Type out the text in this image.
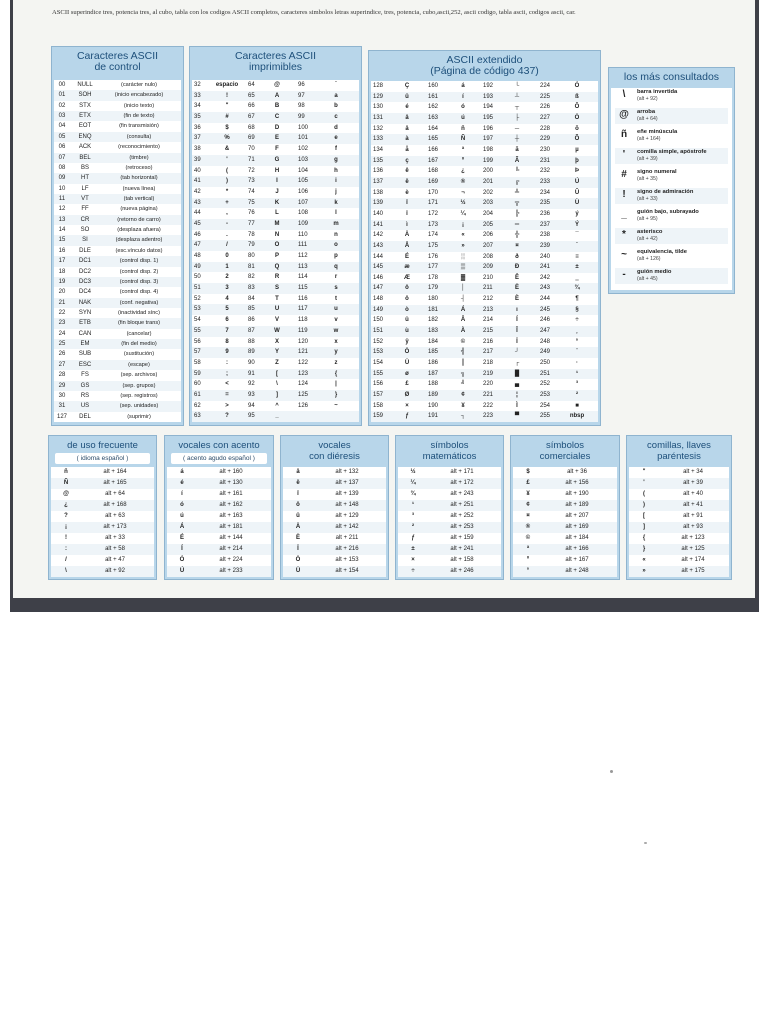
ASCII superindice tres, potencia tres, al cubo, tabla con los codigos ASCII completos, caracteres simbolos letras superindice, tres, potencia, cubo,ascii,252, ascii codigo, tabla ascii, codigos ascii, car.
Caracteres ASCII
de control
00	NULL	(carácter nulo)
01	SOH	(inicio encabezado)
02	STX	(inicio texto)
03	ETX	(fin de texto)
04	EOT	(fin transmisión)
05	ENQ	(consulta)
06	ACK	(reconocimiento)
07	BEL	(timbre)
08	BS	(retroceso)
09	HT	(tab horizontal)
10	LF	(nueva línea)
11	VT	(tab vertical)
12	FF	(nueva página)
13	CR	(retorno de carro)
14	SO	(desplaza afuera)
15	SI	(desplaza adentro)
16	DLE	(esc.vínculo datos)
17	DC1	(control disp. 1)
18	DC2	(control disp. 2)
19	DC3	(control disp. 3)
20	DC4	(control disp. 4)
21	NAK	(conf. negativa)
22	SYN	(inactividad sínc)
23	ETB	(fin bloque trans)
24	CAN	(cancelar)
25	EM	(fin del medio)
26	SUB	(sustitución)
27	ESC	(escape)
28	FS	(sep. archivos)
29	GS	(sep. grupos)
30	RS	(sep. registros)
31	US	(sep. unidades)
127	DEL	(suprimir)
Caracteres ASCII
imprimibles
32	espacio	64	@	96	`
33	!	65	A	97	a
34	"	66	B	98	b
35	#	67	C	99	c
36	$	68	D	100	d
37	%	69	E	101	e
38	&	70	F	102	f
39	'	71	G	103	g
40	(	72	H	104	h
41	)	73	I	105	i
42	*	74	J	106	j
43	+	75	K	107	k
44	,	76	L	108	l
45	-	77	M	109	m
46	.	78	N	110	n
47	/	79	O	111	o
48	0	80	P	112	p
49	1	81	Q	113	q
50	2	82	R	114	r
51	3	83	S	115	s
52	4	84	T	116	t
53	5	85	U	117	u
54	6	86	V	118	v
55	7	87	W	119	w
56	8	88	X	120	x
57	9	89	Y	121	y
58	:	90	Z	122	z
59	;	91	[	123	{
60	<	92	\	124	|
61	=	93	]	125	}
62	>	94	^	126	~
63	?	95	_
ASCII extendido
(Página de código 437)
128	Ç	160	á	192	└	224	Ó
129	ü	161	í	193	┴	225	ß
130	é	162	ó	194	┬	226	Ô
131	â	163	ú	195	├	227	Ò
132	ä	164	ñ	196	─	228	õ
133	à	165	Ñ	197	┼	229	Õ
134	å	166	ª	198	ã	230	µ
135	ç	167	º	199	Ã	231	þ
136	ê	168	¿	200	╚	232	Þ
137	ë	169	®	201	╔	233	Ú
138	è	170	¬	202	╩	234	Û
139	ï	171	½	203	╦	235	Ù
140	î	172	¼	204	╠	236	ý
141	ì	173	¡	205	═	237	Ý
142	Ä	174	«	206	╬	238	¯
143	Å	175	»	207	¤	239	´
144	É	176	░	208	ð	240	≡
145	æ	177	▒	209	Ð	241	±
146	Æ	178	▓	210	Ê	242	‗
147	ô	179	│	211	Ë	243	¾
148	ö	180	┤	212	È	244	¶
149	ò	181	Á	213	ı	245	§
150	û	182	Â	214	Í	246	÷
151	ù	183	À	215	Î	247	¸
152	ÿ	184	©	216	Ï	248	°
153	Ö	185	╣	217	┘	249	¨
154	Ü	186	║	218	┌	250	·
155	ø	187	╗	219	█	251	¹
156	£	188	╝	220	▄	252	³
157	Ø	189	¢	221	¦	253	²
158	×	190	¥	222	Ì	254	■
159	ƒ	191	┐	223	▀	255	nbsp
los más consultados
\	barra invertida
(alt + 92)
@	arroba
(alt + 64)
ñ	eñe minúscula
(alt + 164)
'	comilla simple, apóstrofe
(alt + 39)
#	signo numeral
(alt + 35)
!	signo de admiración
(alt + 33)
_	guión bajo, subrayado
(alt + 95)
*	asterisco
(alt + 42)
~	equivalencia, tilde
(alt + 126)
-	guión medio
(alt + 45)
de uso frecuente
( idioma español )
ñ	alt + 164
Ñ	alt + 165
@	alt + 64
¿	alt + 168
?	alt + 63
¡	alt + 173
!	alt + 33
:	alt + 58
/	alt + 47
\	alt + 92
vocales con acento
( acento agudo español )
á	alt + 160
é	alt + 130
í	alt + 161
ó	alt + 162
ú	alt + 163
Á	alt + 181
É	alt + 144
Í	alt + 214
Ó	alt + 224
Ú	alt + 233
vocales
con diéresis
ä	alt + 132
ë	alt + 137
ï	alt + 139
ö	alt + 148
ü	alt + 129
Ä	alt + 142
Ë	alt + 211
Ï	alt + 216
Ö	alt + 153
Ü	alt + 154
símbolos
matemáticos
½	alt + 171
¼	alt + 172
¾	alt + 243
¹	alt + 251
³	alt + 252
²	alt + 253
ƒ	alt + 159
±	alt + 241
×	alt + 158
÷	alt + 246
símbolos
comerciales
$	alt + 36
£	alt + 156
¥	alt + 190
¢	alt + 189
¤	alt + 207
®	alt + 169
©	alt + 184
ª	alt + 166
º	alt + 167
°	alt + 248
comillas, llaves
paréntesis
"	alt + 34
'	alt + 39
(	alt + 40
)	alt + 41
[	alt + 91
]	alt + 93
{	alt + 123
}	alt + 125
«	alt + 174
»	alt + 175
